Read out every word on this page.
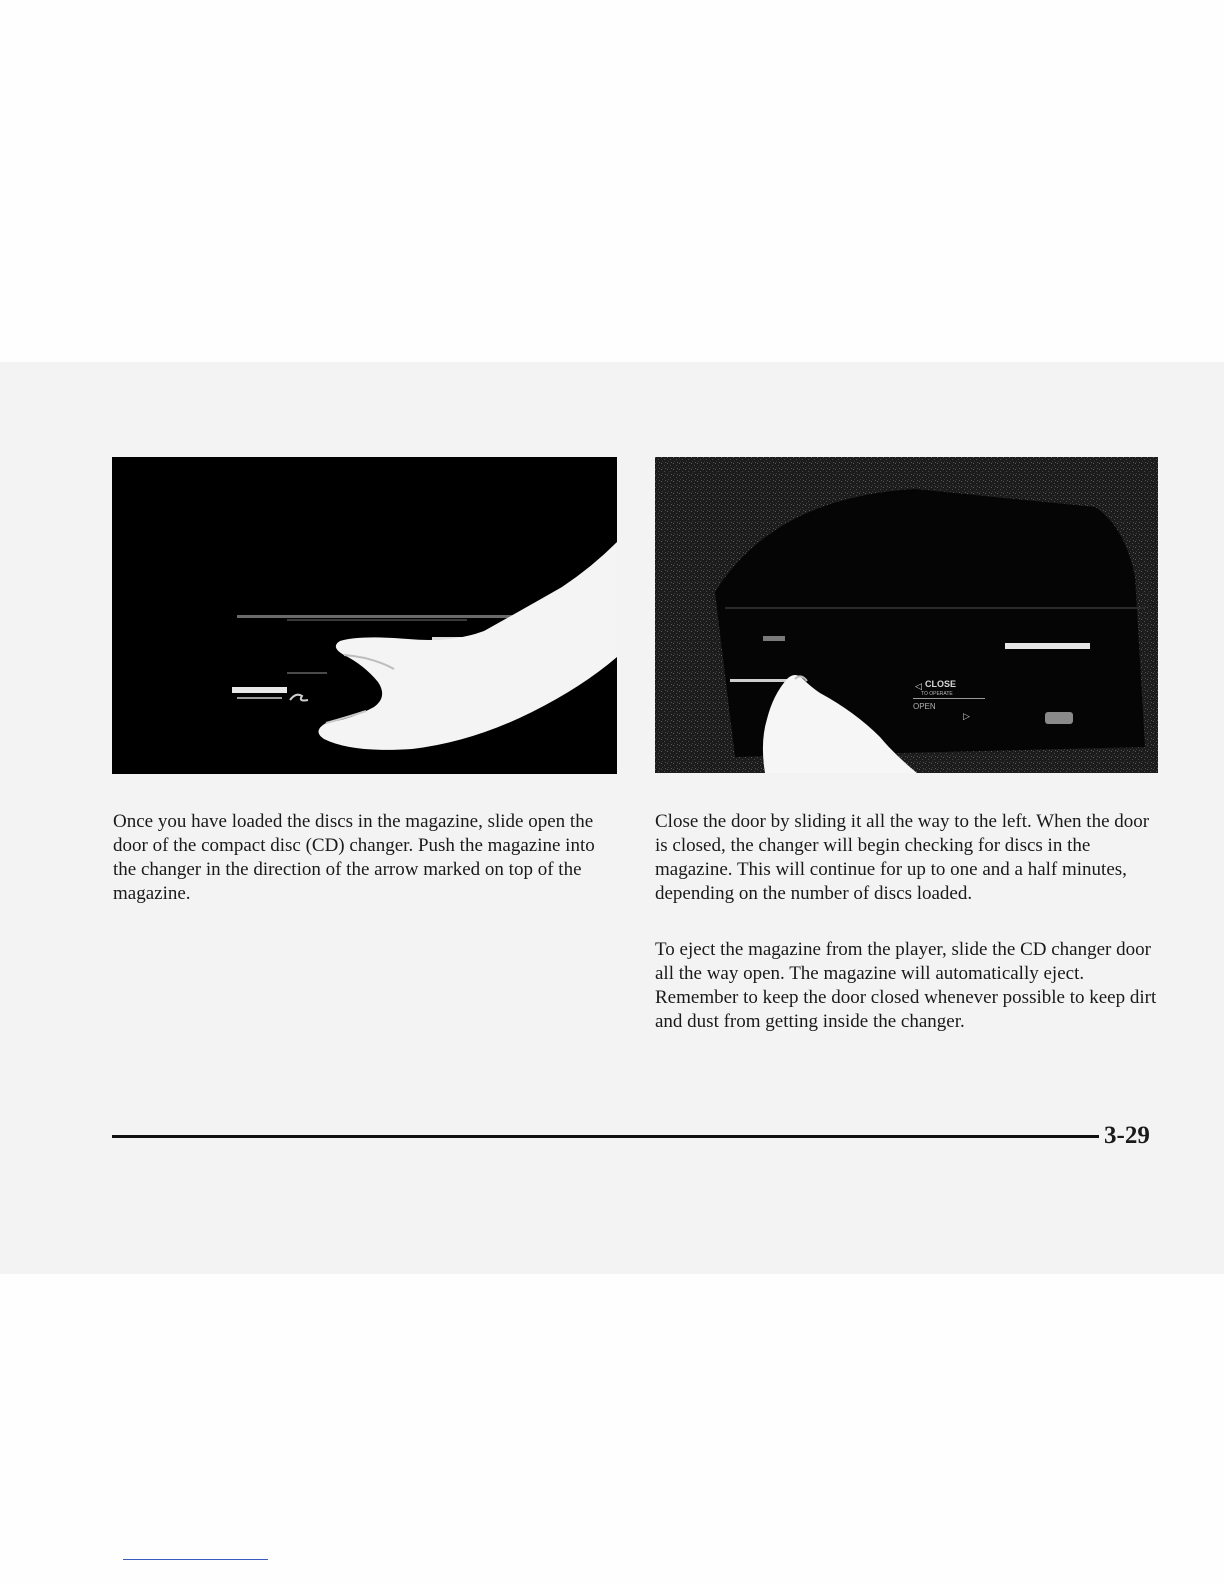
◁ CLOSE
TO OPERATE
OPEN
▷

Once you have loaded the discs in the magazine, slide open the door of the compact disc (CD) changer. Push the magazine into the changer in the direction of the arrow marked on top of the magazine.

Close the door by sliding it all the way to the left. When the door is closed, the changer will begin checking for discs in the magazine. This will continue for up to one and a half minutes, depending on the number of discs loaded.

To eject the magazine from the player, slide the CD changer door all the way open. The magazine will automatically eject. Remember to keep the door closed whenever possible to keep dirt and dust from getting inside the changer.

3-29
